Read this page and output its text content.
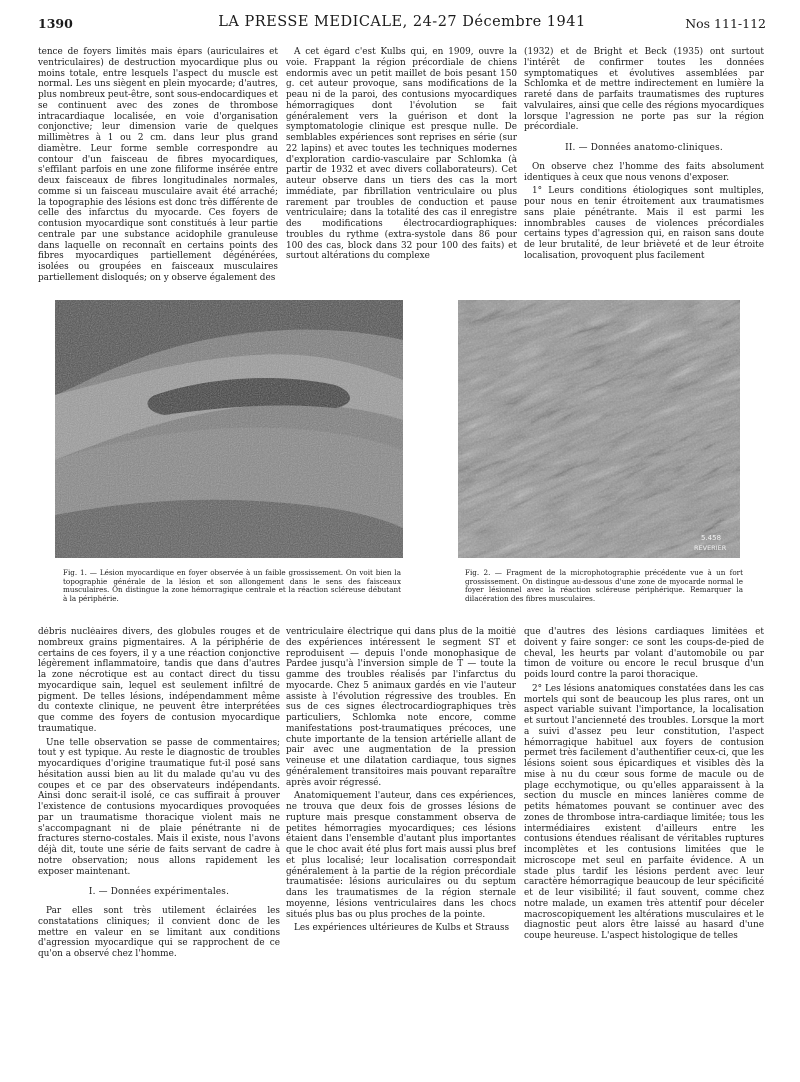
1390	LA PRESSE MEDICALE, 24-27 Décembre 1941	Nos 111-112

tence de foyers limités mais épars (auriculaires et ventriculaires) de destruction myocardique plus ou moins totale, entre lesquels l'aspect du muscle est normal. Les uns siègent en plein myocarde; d'autres, plus nombreux peut-être, sont sous-endocardiques et se continuent avec des zones de thrombose intracardiaque localisée, en voie d'organisation conjonctive; leur dimension varie de quelques millimètres à 1 ou 2 cm. dans leur plus grand diamètre. Leur forme semble correspondre au contour d'un faisceau de fibres myocardiques, s'effilant parfois en une zone filiforme insérée entre deux faisceaux de fibres longitudinales normales, comme si un faisceau musculaire avait été arraché; la topographie des lésions est donc très différente de celle des infarctus du myocarde. Ces foyers de contusion myocardique sont constitués à leur partie centrale par une substance acidophile granuleuse dans laquelle on reconnaît en certains points des fibres myocardiques partiellement dégénérées, isolées ou groupées en faisceaux musculaires partiellement disloqués; on y observe également des

A cet égard c'est Kulbs qui, en 1909, ouvre la voie. Frappant la région précordiale de chiens endormis avec un petit maillet de bois pesant 150 g. cet auteur provoque, sans modifications de la peau ni de la paroi, des contusions myocardiques hémorragiques dont l'évolution se fait généralement vers la guérison et dont la symptomatologie clinique est presque nulle. De semblables expériences sont reprises en série (sur 22 lapins) et avec toutes les techniques modernes d'exploration cardio-vasculaire par Schlomka (à partir de 1932 et avec divers collaborateurs). Cet auteur observe dans un tiers des cas la mort immédiate, par fibrillation ventriculaire ou plus rarement par troubles de conduction et pause ventriculaire; dans la totalité des cas il enregistre des modifications électrocardiographiques: troubles du rythme (extra-systole dans 86 pour 100 des cas, block dans 32 pour 100 des faits) et surtout altérations du complexe

(1932) et de Bright et Beck (1935) ont surtout l'intérêt de confirmer toutes les données symptomatiques et évolutives assemblées par Schlomka et de mettre indirectement en lumière la rareté dans de parfaits traumatismes des ruptures valvulaires, ainsi que celle des régions myocardiques lorsque l'agression ne porte pas sur la région précordiale.

II. — Données anatomo-cliniques.

On observe chez l'homme des faits absolument identiques à ceux que nous venons d'exposer.

1° Leurs conditions étiologiques sont multiples, pour nous en tenir étroitement aux traumatismes sans plaie pénétrante. Mais il est parmi les innombrables causes de violences précordiales certains types d'agression qui, en raison sans doute de leur brutalité, de leur brièveté et de leur étroite localisation, provoquent plus facilement

5.458
REVERIER
Fig. 1. — Lésion myocardique en foyer observée à un faible grossissement. On voit bien la topographie générale de la lésion et son allongement dans le sens des faisceaux musculaires. On distingue la zone hémorragique centrale et la réaction scléreuse débutant à la périphérie.
Fig. 2. — Fragment de la microphotographie précédente vue à un fort grossissement. On distingue au-dessous d'une zone de myocarde normal le foyer lésionnel avec la réaction scléreuse périphérique. Remarquer la dilacération des fibres musculaires.

débris nucléaires divers, des globules rouges et de nombreux grains pigmentaires. A la périphérie de certains de ces foyers, il y a une réaction conjonctive légèrement inflammatoire, tandis que dans d'autres la zone nécrotique est au contact direct du tissu myocardique sain, lequel est seulement infiltré de pigment. De telles lésions, indépendamment même du contexte clinique, ne peuvent être interprétées que comme des foyers de contusion myocardique traumatique.

Une telle observation se passe de commentaires; tout y est typique. Au reste le diagnostic de troubles myocardiques d'origine traumatique fut-il posé sans hésitation aussi bien au lit du malade qu'au vu des coupes et ce par des observateurs indépendants. Ainsi donc serait-il isolé, ce cas suffirait à prouver l'existence de contusions myocardiques provoquées par un traumatisme thoracique violent mais ne s'accompagnant ni de plaie pénétrante ni de fractures sterno-costales. Mais il existe, nous l'avons déjà dit, toute une série de faits servant de cadre à notre observation; nous allons rapidement les exposer maintenant.

I. — Données expérimentales.

Par elles sont très utilement éclairées les constatations cliniques; il convient donc de les mettre en valeur en se limitant aux conditions d'agression myocardique qui se rapprochent de ce qu'on a observé chez l'homme.

ventriculaire électrique qui dans plus de la moitié des expériences intéressent le segment ST et reproduisent — depuis l'onde monophasique de Pardee jusqu'à l'inversion simple de T — toute la gamme des troubles réalisés par l'infarctus du myocarde. Chez 5 animaux gardés en vie l'auteur assiste à l'évolution régressive des troubles. En sus de ces signes électrocardiographiques très particuliers, Schlomka note encore, comme manifestations post-traumatiques précoces, une chute importante de la tension artérielle allant de pair avec une augmentation de la pression veineuse et une dilatation cardiaque, tous signes généralement transitoires mais pouvant reparaître après avoir régressé.

Anatomiquement l'auteur, dans ces expériences, ne trouva que deux fois de grosses lésions de rupture mais presque constamment observa de petites hémorragies myocardiques; ces lésions étaient dans l'ensemble d'autant plus importantes que le choc avait été plus fort mais aussi plus bref et plus localisé; leur localisation correspondait généralement à la partie de la région précordiale traumatisée: lésions auriculaires ou du septum dans les traumatismes de la région sternale moyenne, lésions ventriculaires dans les chocs situés plus bas ou plus proches de la pointe.

Les expériences ultérieures de Kulbs et Strauss

que d'autres des lésions cardiaques limitées et doivent y faire songer: ce sont les coups-de-pied de cheval, les heurts par volant d'automobile ou par timon de voiture ou encore le recul brusque d'un poids lourd contre la paroi thoracique.

2° Les lésions anatomiques constatées dans les cas mortels qui sont de beaucoup les plus rares, ont un aspect variable suivant l'importance, la localisation et surtout l'ancienneté des troubles. Lorsque la mort a suivi d'assez peu leur constitution, l'aspect hémorragique habituel aux foyers de contusion permet très facilement d'authentifier ceux-ci, que les lésions soient sous épicardiques et visibles dès la mise à nu du cœur sous forme de macule ou de plage ecchymotique, ou qu'elles apparaissent à la section du muscle en minces lanières comme de petits hématomes pouvant se continuer avec des zones de thrombose intra-cardiaque limitée; tous les intermédiaires existent d'ailleurs entre les contusions étendues réalisant de véritables ruptures incomplètes et les contusions limitées que le microscope met seul en parfaite évidence. A un stade plus tardif les lésions perdent avec leur caractère hémorragique beaucoup de leur spécificité et de leur visibilité; il faut souvent, comme chez notre malade, un examen très attentif pour déceler macroscopiquement les altérations musculaires et le diagnostic peut alors être laissé au hasard d'une coupe heureuse. L'aspect histologique de telles
